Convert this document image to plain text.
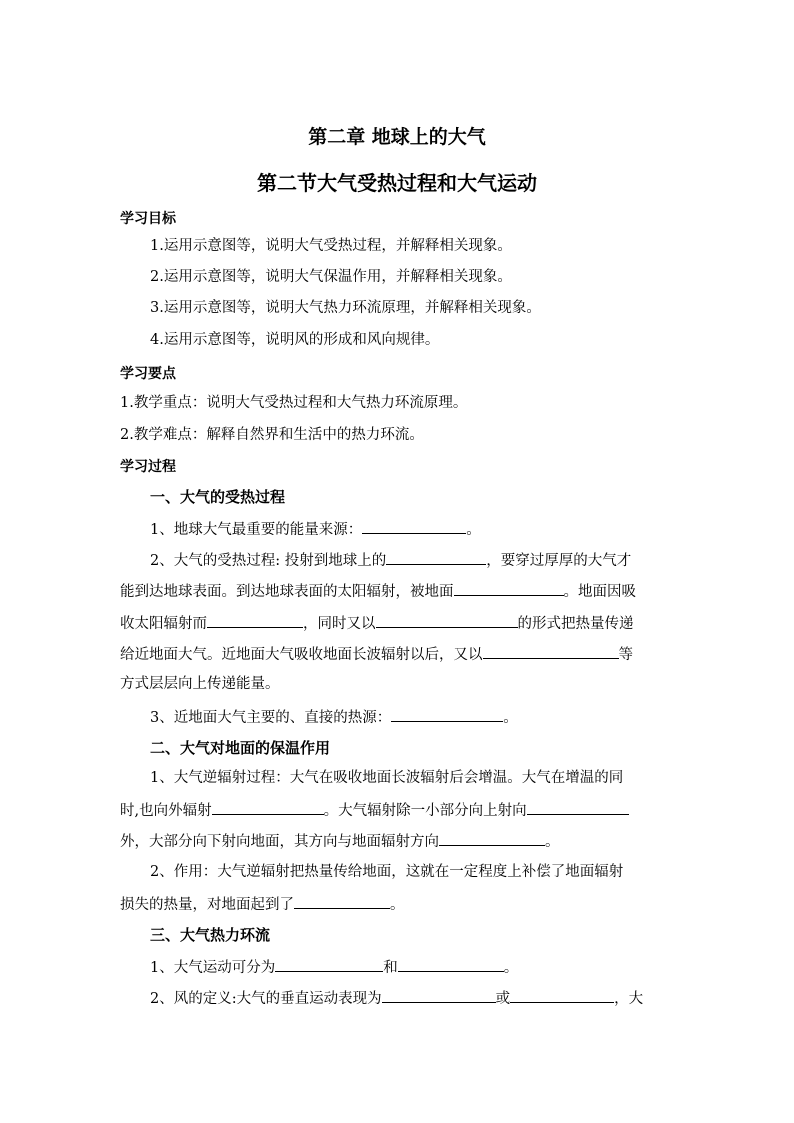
第二章 地球上的大气
第二节大气受热过程和大气运动
学习目标
1.运用示意图等，说明大气受热过程，并解释相关现象。
2.运用示意图等，说明大气保温作用，并解释相关现象。
3.运用示意图等，说明大气热力环流原理，并解释相关现象。
4.运用示意图等，说明风的形成和风向规律。
学习要点
1.教学重点：说明大气受热过程和大气热力环流原理。
2.教学难点：解释自然界和生活中的热力环流。
学习过程
一、大气的受热过程
1、地球大气最重要的能量来源：	。
2、大气的受热过程: 投射到地球上的	，要穿过厚厚的大气才
能到达地球表面。到达地球表面的太阳辐射，被地面	。地面因吸
收太阳辐射而	，同时又以	的形式把热量传递
给近地面大气。近地面大气吸收地面长波辐射以后，又以	等
方式层层向上传递能量。
3、近地面大气主要的、直接的热源：	。
二、大气对地面的保温作用
1、大气逆辐射过程：大气在吸收地面长波辐射后会增温。大气在增温的同
时,也向外辐射	。大气辐射除一小部分向上射向
外，大部分向下射向地面，其方向与地面辐射方向	。
2、作用：大气逆辐射把热量传给地面，这就在一定程度上补偿了地面辐射
损失的热量，对地面起到了	。
三、大气热力环流
1、大气运动可分为	和	。
2、风的定义:大气的垂直运动表现为	或	，大
